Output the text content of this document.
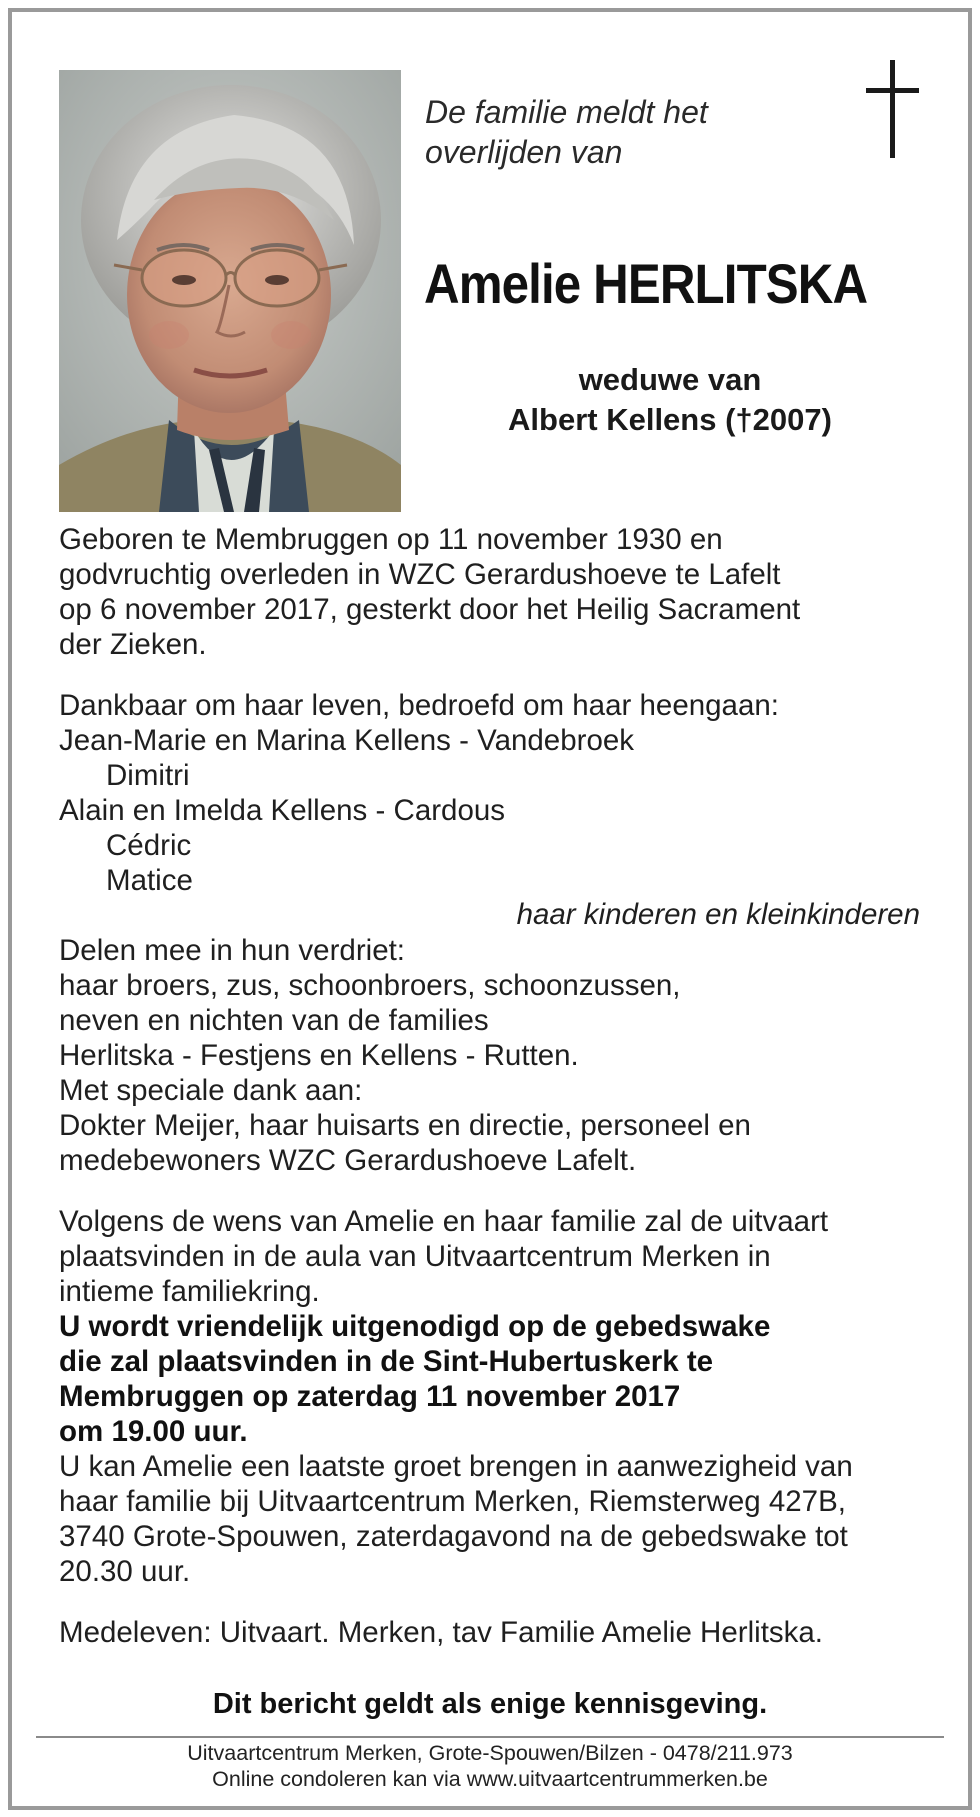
De familie meldt het
overlijden van
Amelie HERLITSKA
weduwe van
Albert Kellens (†2007)
Geboren te Membruggen op 11 november 1930 en
godvruchtig overleden in WZC Gerardushoeve te Lafelt
op 6 november 2017, gesterkt door het Heilig Sacrament
der Zieken.
Dankbaar om haar leven, bedroefd om haar heengaan:
Jean-Marie en Marina Kellens - Vandebroek
Dimitri
Alain en Imelda Kellens - Cardous
Cédric
Matice
haar kinderen en kleinkinderen
Delen mee in hun verdriet:
haar broers, zus, schoonbroers, schoonzussen,
neven en nichten van de families
Herlitska - Festjens en Kellens - Rutten.
Met speciale dank aan:
Dokter Meijer, haar huisarts en directie, personeel en
medebewoners WZC Gerardushoeve Lafelt.
Volgens de wens van Amelie en haar familie zal de uitvaart
plaatsvinden in de aula van Uitvaartcentrum Merken in
intieme familiekring.
U wordt vriendelijk uitgenodigd op de gebedswake
die zal plaatsvinden in de Sint-Hubertuskerk te
Membruggen op zaterdag 11 november 2017
om 19.00 uur.
U kan Amelie een laatste groet brengen in aanwezigheid van
haar familie bij Uitvaartcentrum Merken, Riemsterweg 427B,
3740 Grote-Spouwen, zaterdagavond na de gebedswake tot
20.30 uur.
Medeleven: Uitvaart. Merken, tav Familie Amelie Herlitska.
Dit bericht geldt als enige kennisgeving.
Uitvaartcentrum Merken, Grote-Spouwen/Bilzen - 0478/211.973
Online condoleren kan via www.uitvaartcentrummerken.be
